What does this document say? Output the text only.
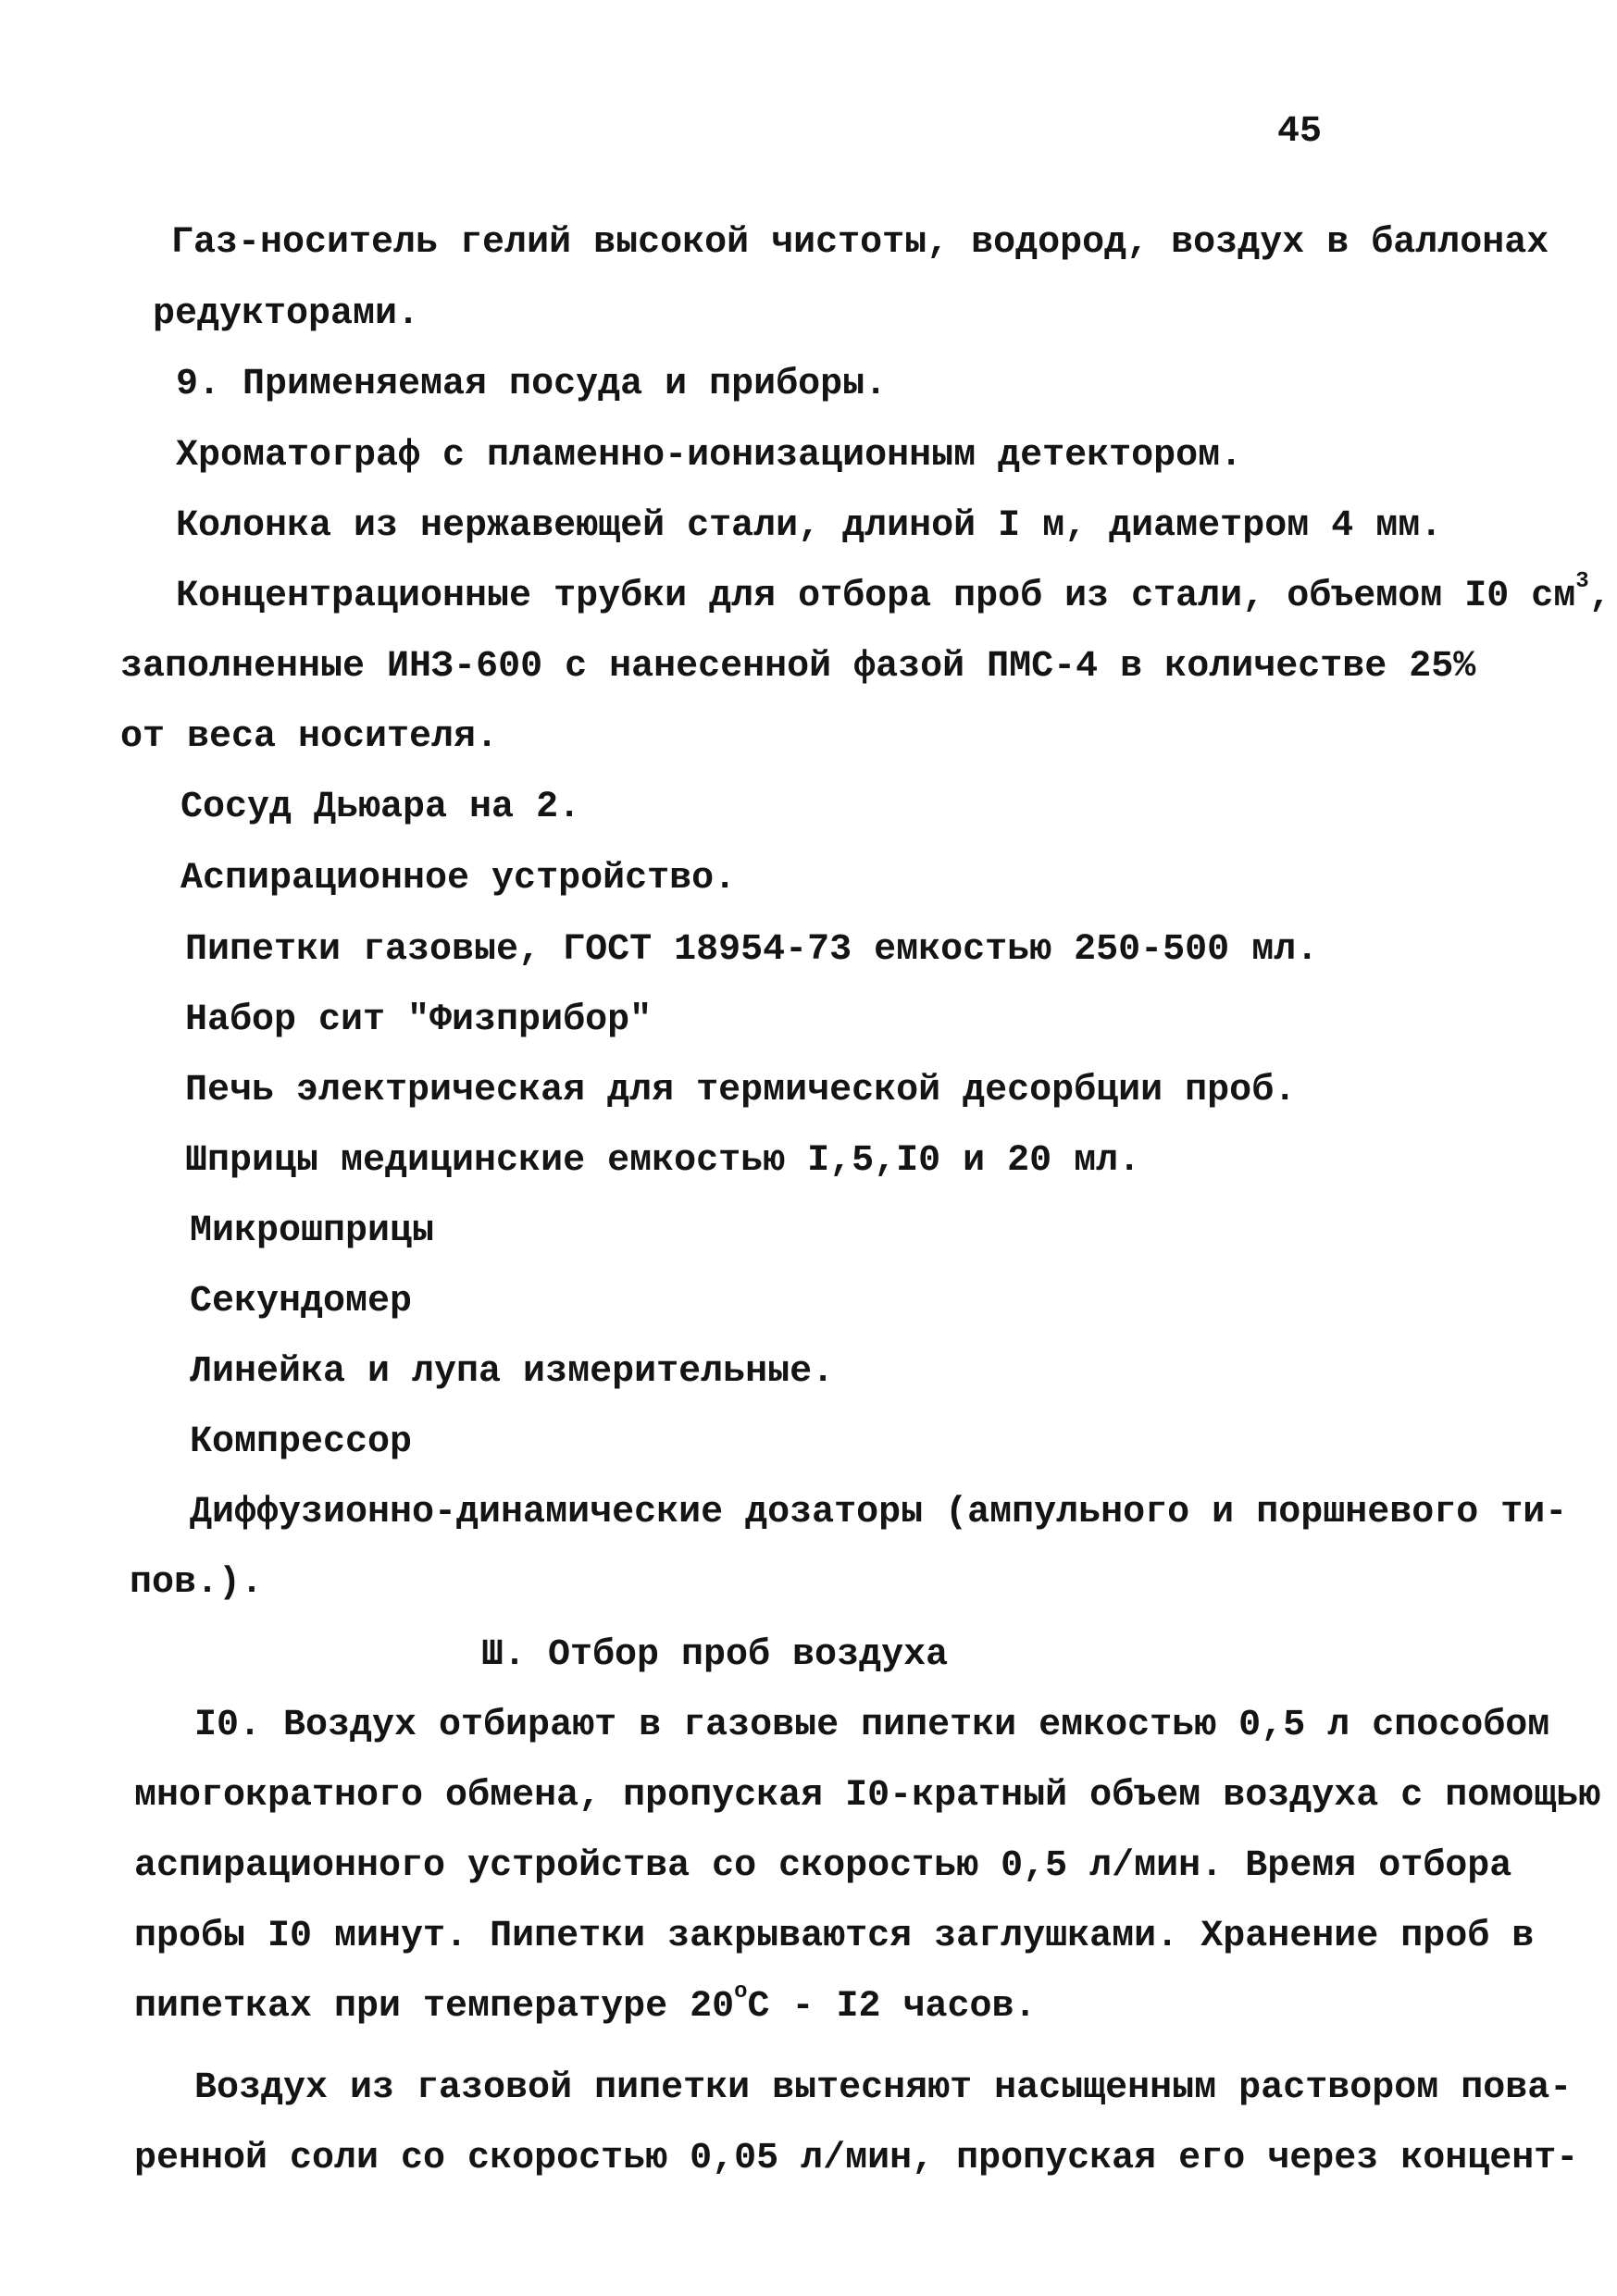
45
Газ-носитель гелий высокой чистоты, водород, воздух в баллонах
редукторами.
9. Применяемая посуда и приборы.
Хроматограф с пламенно-ионизационным детектором.
Колонка из нержавеющей стали, длиной I м, диаметром 4 мм.
Концентрационные трубки для отбора проб из стали, объемом I0 $см^3$,
заполненные ИНЗ-600 с нанесенной фазой ПМС-4 в количестве 25%
от веса носителя.
Сосуд Дьюара на 2.
Аспирационное устройство.
Пипетки газовые, ГОСТ 18954-73 емкостью 250-500 мл.
Набор сит "Физприбор"
Печь электрическая для термической десорбции проб.
Шприцы медицинские емкостью I,5,I0 и 20 мл.
Микрошприцы
Секундомер
Линейка и лупа измерительные.
Компрессор
Диффузионно-динамические дозаторы (ампульного и поршневого ти-
пов.).
Ш. Отбор проб воздуха
I0. Воздух отбирают в газовые пипетки емкостью 0,5 л способом
многократного обмена, пропуская I0-кратный объем воздуха с помощью
аспирационного устройства со скоростью 0,5 л/мин. Время отбора
пробы I0 минут. Пипетки закрываются заглушками. Хранение проб в
пипетках при температуре $20^оС - I2$ часов.
Воздух из газовой пипетки вытесняют насыщенным раствором пова-
ренной соли со скоростью 0,05 л/мин, пропуская его через концент-
